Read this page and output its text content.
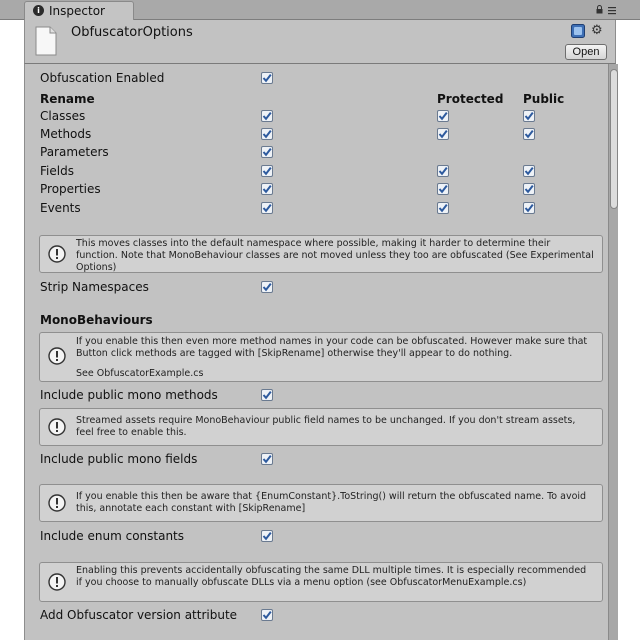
i Inspector
ObfuscatorOptions	⚙
Open
Obfuscation Enabled
Rename	Protected Public
Classes
Methods
Parameters
Fields
Properties
Events
This moves classes into the default namespace where possible, making it harder to determine their function. Note that MonoBehaviour classes are not moved unless they too are obfuscated (See Experimental Options)
Strip Namespaces
MonoBehaviours
If you enable this then even more method names in your code can be obfuscated. However make sure that Button click methods are tagged with [SkipRename] otherwise they'll appear to do nothing.
See ObfuscatorExample.cs
Include public mono methods
Streamed assets require MonoBehaviour public field names to be unchanged. If you don't stream assets, feel free to enable this.
Include public mono fields
If you enable this then be aware that {EnumConstant}.ToString() will return the obfuscated name. To avoid this, annotate each constant with [SkipRename]
Include enum constants
Enabling this prevents accidentally obfuscating the same DLL multiple times. It is especially recommended if you choose to manually obfuscate DLLs via a menu option (see ObfuscatorMenuExample.cs)
Add Obfuscator version attribute
